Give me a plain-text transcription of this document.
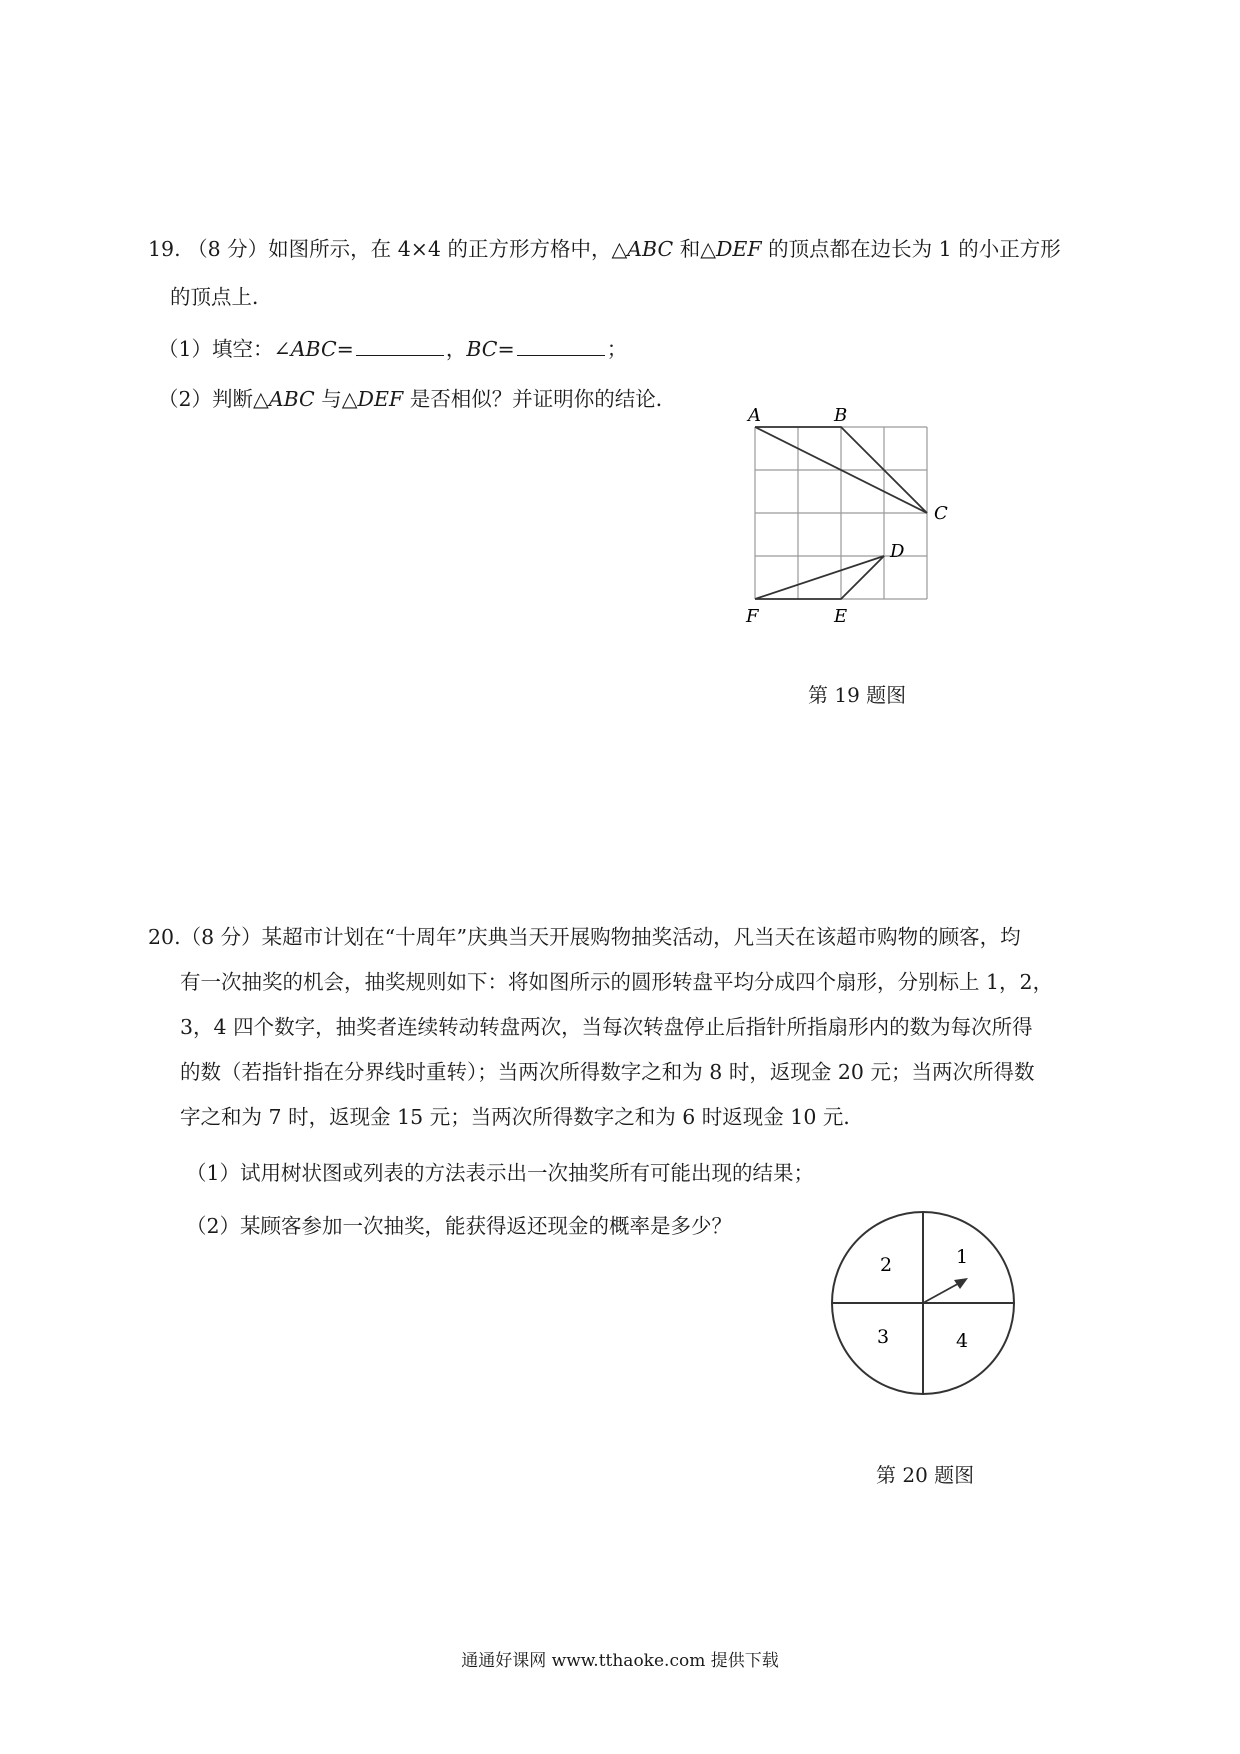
19. （8 分）如图所示，在 4×4 的正方形方格中，△ABC 和△DEF 的顶点都在边长为 1 的小正方形
的顶点上．
（1）填空：∠ABC=	，BC=	；
（2）判断△ABC 与△DEF 是否相似？并证明你的结论．
A	B
C
D
E
F
第 19 题图
20.（8 分）某超市计划在“十周年”庆典当天开展购物抽奖活动，凡当天在该超市购物的顾客，均
有一次抽奖的机会，抽奖规则如下：将如图所示的圆形转盘平均分成四个扇形，分别标上 1，2，
3，4 四个数字，抽奖者连续转动转盘两次，当每次转盘停止后指针所指扇形内的数为每次所得
的数（若指针指在分界线时重转）；当两次所得数字之和为 8 时，返现金 20 元；当两次所得数
字之和为 7 时，返现金 15 元；当两次所得数字之和为 6 时返现金 10 元．
（1）试用树状图或列表的方法表示出一次抽奖所有可能出现的结果；
（2）某顾客参加一次抽奖，能获得返还现金的概率是多少？
1
2
3	4
第 20 题图
通通好课网 www.tthaoke.com 提供下载
